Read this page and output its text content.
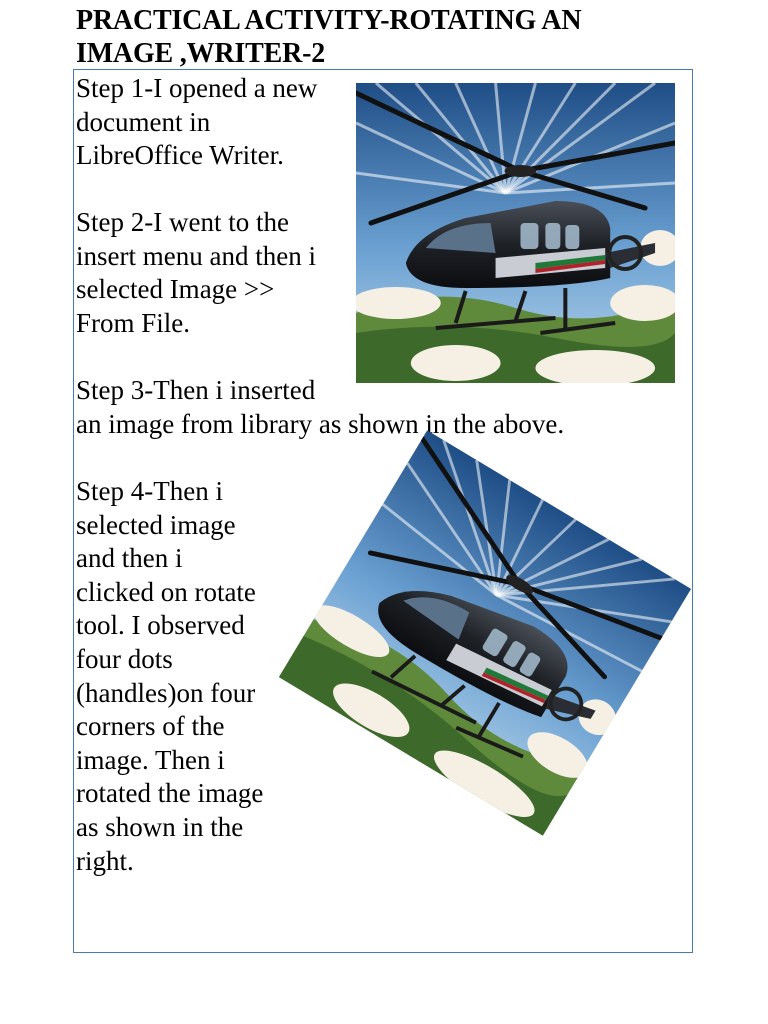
PRACTICAL ACTIVITY-ROTATING AN
IMAGE ,WRITER-2
Step 1-I opened a new
document in
LibreOffice Writer.
Step 2-I went to the
insert menu and then i
selected Image >>
From File.
Step 3-Then i inserted
an image from library as shown in the above.
Step 4-Then i
selected image
and then i
clicked on rotate
tool. I observed
four dots
(handles)on four
corners of the
image. Then i
rotated the image
as shown in the
right.
